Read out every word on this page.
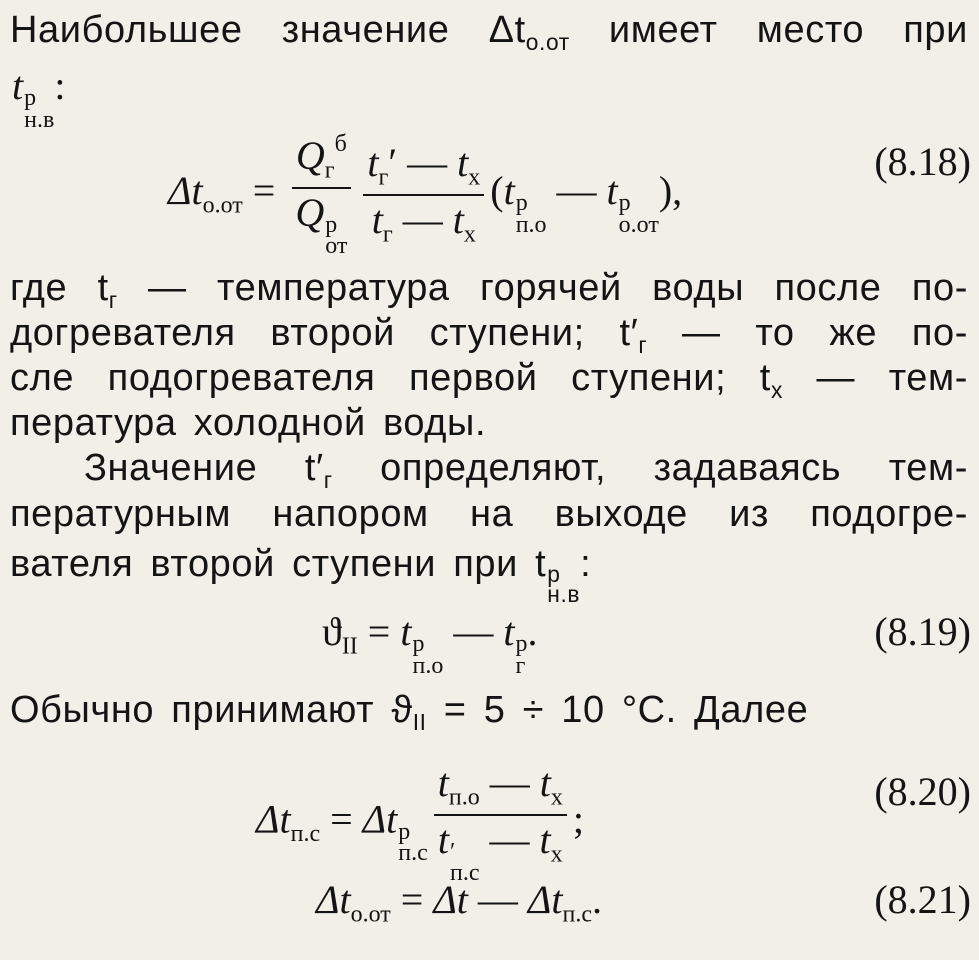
Наибольшее значение $\Delta t_{о.от}$ имеет место при
t р
н.в
:
$\Delta t_{о.от} = Q_г^б$
Q р
от $\frac{t_г' — t_х}{t_г — t_х} (t$ р
п.о
— t р
о.от
),
(8.18)
где $t_г$ — температура горячей воды после по-
догревателя второй ступени; $t'_г$ — то же по-
сле подогревателя первой ступени; $t_х$ — тем-
пература холодной воды.
Значение $t'_г$ определяют, задаваясь тем-
пературным напором на выходе из подогре-
вателя второй ступени при t р
н.в
:
$ϑ_{II} = t$ р
п.о
— t р
г
.	(8.19)
Обычно принимают $ϑ_{II} = 5 \div 10$ °C. Далее
$\Delta t_{п.с} = \Delta t$ р
п.с $t_{п.о}$ — $t_х$
t ′
п.с
— $t_х$ ;
(8.20)
$\Delta t_{о.от} = \Delta t$ — $\Delta t_{п.с}$.	(8.21)
